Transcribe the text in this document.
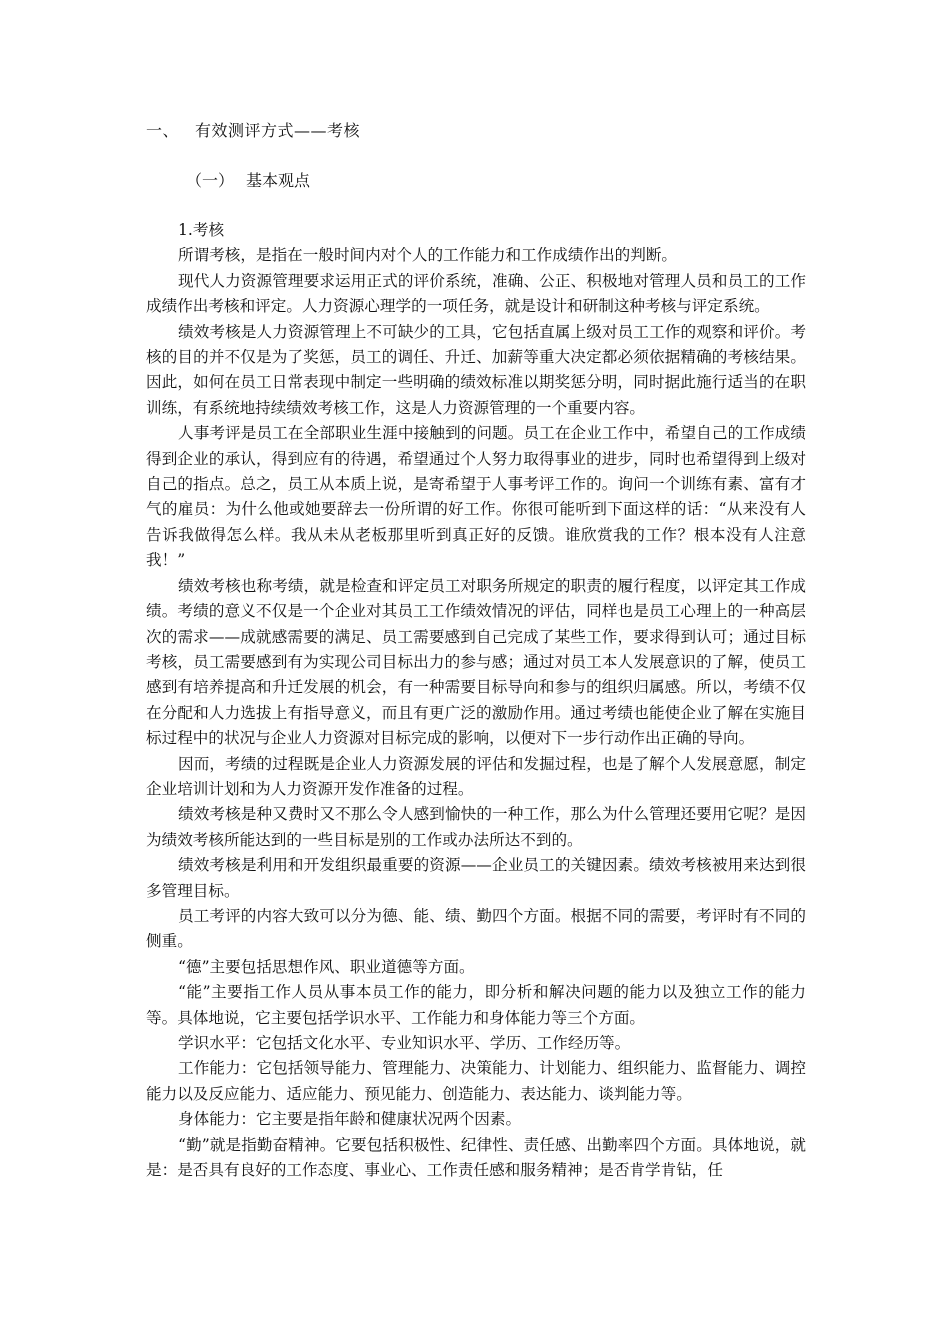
一、 有效测评方式——考核
（一） 基本观点

1.考核

所谓考核，是指在一般时间内对个人的工作能力和工作成绩作出的判断。

现代人力资源管理要求运用正式的评价系统，准确、公正、积极地对管理人员和员工的工作成绩作出考核和评定。人力资源心理学的一项任务，就是设计和研制这种考核与评定系统。

绩效考核是人力资源管理上不可缺少的工具，它包括直属上级对员工工作的观察和评价。考核的目的并不仅是为了奖惩，员工的调任、升迁、加薪等重大决定都必须依据精确的考核结果。因此，如何在员工日常表现中制定一些明确的绩效标准以期奖惩分明，同时据此施行适当的在职训练，有系统地持续绩效考核工作，这是人力资源管理的一个重要内容。

人事考评是员工在全部职业生涯中接触到的问题。员工在企业工作中，希望自己的工作成绩得到企业的承认，得到应有的待遇，希望通过个人努力取得事业的进步，同时也希望得到上级对自己的指点。总之，员工从本质上说，是寄希望于人事考评工作的。询问一个训练有素、富有才气的雇员：为什么他或她要辞去一份所谓的好工作。你很可能听到下面这样的话：“从来没有人告诉我做得怎么样。我从未从老板那里听到真正好的反馈。谁欣赏我的工作？根本没有人注意我！”

绩效考核也称考绩，就是检查和评定员工对职务所规定的职责的履行程度，以评定其工作成绩。考绩的意义不仅是一个企业对其员工工作绩效情况的评估，同样也是员工心理上的一种高层次的需求——成就感需要的满足、员工需要感到自己完成了某些工作，要求得到认可；通过目标考核，员工需要感到有为实现公司目标出力的参与感；通过对员工本人发展意识的了解，使员工感到有培养提高和升迁发展的机会，有一种需要目标导向和参与的组织归属感。所以，考绩不仅在分配和人力选拔上有指导意义，而且有更广泛的激励作用。通过考绩也能使企业了解在实施目标过程中的状况与企业人力资源对目标完成的影响，以便对下一步行动作出正确的导向。

因而，考绩的过程既是企业人力资源发展的评估和发掘过程，也是了解个人发展意愿，制定企业培训计划和为人力资源开发作准备的过程。

绩效考核是种又费时又不那么令人感到愉快的一种工作，那么为什么管理还要用它呢？是因为绩效考核所能达到的一些目标是别的工作或办法所达不到的。

绩效考核是利用和开发组织最重要的资源——企业员工的关键因素。绩效考核被用来达到很多管理目标。

员工考评的内容大致可以分为德、能、绩、勤四个方面。根据不同的需要，考评时有不同的侧重。

“德”主要包括思想作风、职业道德等方面。

“能”主要指工作人员从事本员工作的能力，即分析和解决问题的能力以及独立工作的能力等。具体地说，它主要包括学识水平、工作能力和身体能力等三个方面。

学识水平：它包括文化水平、专业知识水平、学历、工作经历等。

工作能力：它包括领导能力、管理能力、决策能力、计划能力、组织能力、监督能力、调控能力以及反应能力、适应能力、预见能力、创造能力、表达能力、谈判能力等。

身体能力：它主要是指年龄和健康状况两个因素。

“勤”就是指勤奋精神。它要包括积极性、纪律性、责任感、出勤率四个方面。具体地说，就是：是否具有良好的工作态度、事业心、工作责任感和服务精神；是否肯学肯钻，任
